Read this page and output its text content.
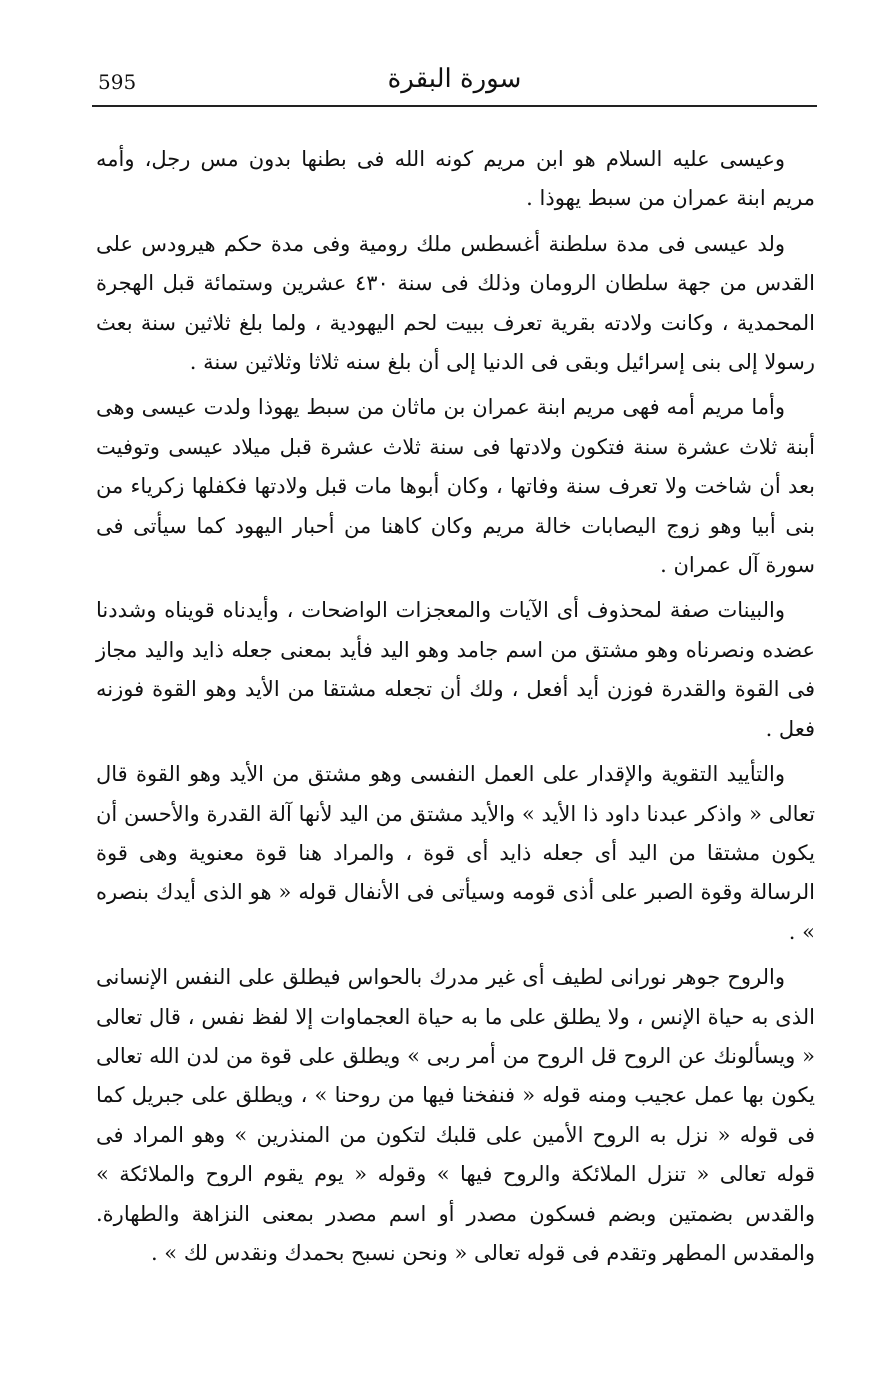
595	سورة البقرة

وعيسى عليه السلام هو ابن مريم كونه الله فى بطنها بدون مس رجل، وأمه مريم ابنة عمران من سبط يهوذا .

ولد عيسى فى مدة سلطنة أغسطس ملك رومية وفى مدة حكم هيرودس على القدس من جهة سلطان الرومان وذلك فى سنة ٤٣٠ عشرين وستمائة قبل الهجرة المحمدية ، وكانت ولادته بقرية تعرف ببيت لحم اليهودية ، ولما بلغ ثلاثين سنة بعث رسولا إلى بنى إسرائيل وبقى فى الدنيا إلى أن بلغ سنه ثلاثا وثلاثين سنة .

وأما مريم أمه فهى مريم ابنة عمران بن ماثان من سبط يهوذا ولدت عيسى وهى أبنة ثلاث عشرة سنة فتكون ولادتها فى سنة ثلاث عشرة قبل ميلاد عيسى وتوفيت بعد أن شاخت ولا تعرف سنة وفاتها ، وكان أبوها مات قبل ولادتها فكفلها زكرياء من بنى أبيا وهو زوج اليصابات خالة مريم وكان كاهنا من أحبار اليهود كما سيأتى فى سورة آل عمران .

والبينات صفة لمحذوف أى الآيات والمعجزات الواضحات ، وأيدناه قويناه وشددنا عضده ونصرناه وهو مشتق من اسم جامد وهو اليد فأيد بمعنى جعله ذايد واليد مجاز فى القوة والقدرة فوزن أيد أفعل ، ولك أن تجعله مشتقا من الأيد وهو القوة فوزنه فعل .

والتأييد التقوية والإقدار على العمل النفسى وهو مشتق من الأيد وهو القوة قال تعالى « واذكر عبدنا داود ذا الأيد » والأيد مشتق من اليد لأنها آلة القدرة والأحسن أن يكون مشتقا من اليد أى جعله ذايد أى قوة ، والمراد هنا قوة معنوية وهى قوة الرسالة وقوة الصبر على أذى قومه وسيأتى فى الأنفال قوله « هو الذى أيدك بنصره » .

والروح جوهر نورانى لطيف أى غير مدرك بالحواس فيطلق على النفس الإنسانى الذى به حياة الإنس ، ولا يطلق على ما به حياة العجماوات إلا لفظ نفس ، قال تعالى « ويسألونك عن الروح قل الروح من أمر ربى » ويطلق على قوة من لدن الله تعالى يكون بها عمل عجيب ومنه قوله « فنفخنا فيها من روحنا » ، ويطلق على جبريل كما فى قوله « نزل به الروح الأمين على قلبك لتكون من المنذرين » وهو المراد فى قوله تعالى « تنزل الملائكة والروح فيها » وقوله « يوم يقوم الروح والملائكة » والقدس بضمتين وبضم فسكون مصدر أو اسم مصدر بمعنى النزاهة والطهارة. والمقدس المطهر وتقدم فى قوله تعالى « ونحن نسبح بحمدك ونقدس لك » .
